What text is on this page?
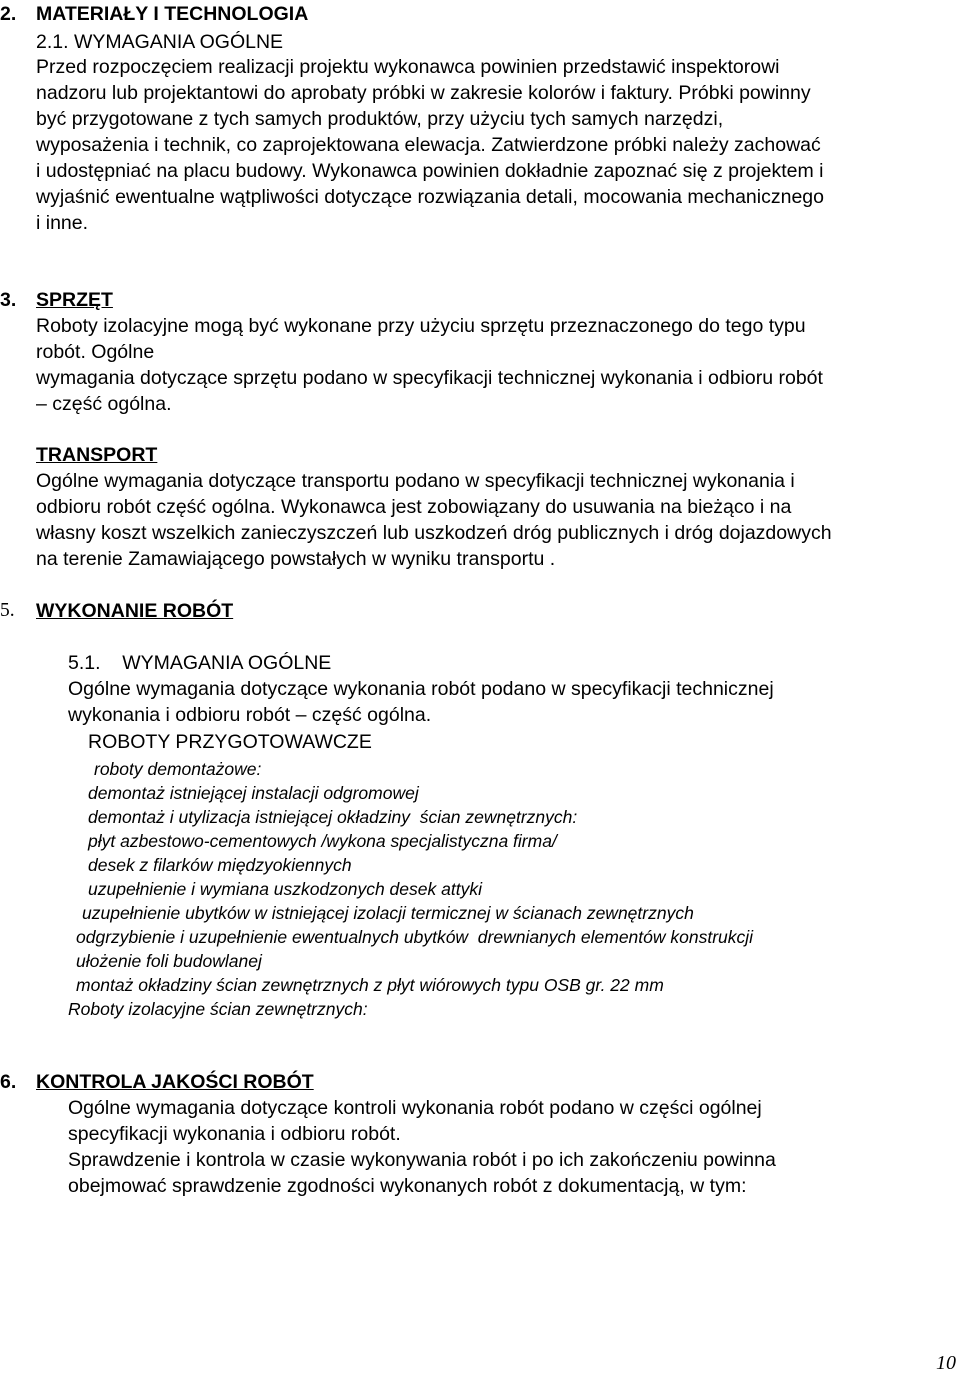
2. MATERIAŁY I TECHNOLOGIA
2.1. WYMAGANIA OGÓLNE
Przed rozpoczęciem realizacji projektu wykonawca powinien przedstawić inspektorowi
nadzoru lub projektantowi do aprobaty próbki w zakresie kolorów i faktury. Próbki powinny
być przygotowane z tych samych produktów, przy użyciu tych samych narzędzi,
wyposażenia i technik, co zaprojektowana elewacja. Zatwierdzone próbki należy zachować
i udostępniać na placu budowy. Wykonawca powinien dokładnie zapoznać się z projektem i
wyjaśnić ewentualne wątpliwości dotyczące rozwiązania detali, mocowania mechanicznego
i inne.
3. SPRZĘT
Roboty izolacyjne mogą być wykonane przy użyciu sprzętu przeznaczonego do tego typu
robót. Ogólne
wymagania dotyczące sprzętu podano w specyfikacji technicznej wykonania i odbioru robót
– część ogólna.
TRANSPORT
Ogólne wymagania dotyczące transportu podano w specyfikacji technicznej wykonania i
odbioru robót część ogólna. Wykonawca jest zobowiązany do usuwania na bieżąco i na
własny koszt wszelkich zanieczyszczeń lub uszkodzeń dróg publicznych i dróg dojazdowych
na terenie Zamawiającego powstałych w wyniku transportu .
5. WYKONANIE ROBÓT
5.1.    WYMAGANIA OGÓLNE
Ogólne wymagania dotyczące wykonania robót podano w specyfikacji technicznej
wykonania i odbioru robót – część ogólna.
ROBOTY PRZYGOTOWAWCZE
roboty demontażowe:
demontaż istniejącej instalacji odgromowej
demontaż i utylizacja istniejącej okładziny  ścian zewnętrznych:
płyt azbestowo-cementowych /wykona specjalistyczna firma/
desek z filarków międzyokiennych
uzupełnienie i wymiana uszkodzonych desek attyki
uzupełnienie ubytków w istniejącej izolacji termicznej w ścianach zewnętrznych
odgrzybienie i uzupełnienie ewentualnych ubytków  drewnianych elementów konstrukcji
ułożenie foli budowlanej
montaż okładziny ścian zewnętrznych z płyt wiórowych typu OSB gr. 22 mm
Roboty izolacyjne ścian zewnętrznych:
6. KONTROLA JAKOŚCI ROBÓT
Ogólne wymagania dotyczące kontroli wykonania robót podano w części ogólnej
specyfikacji wykonania i odbioru robót.
Sprawdzenie i kontrola w czasie wykonywania robót i po ich zakończeniu powinna
obejmować sprawdzenie zgodności wykonanych robót z dokumentacją, w tym:
10
